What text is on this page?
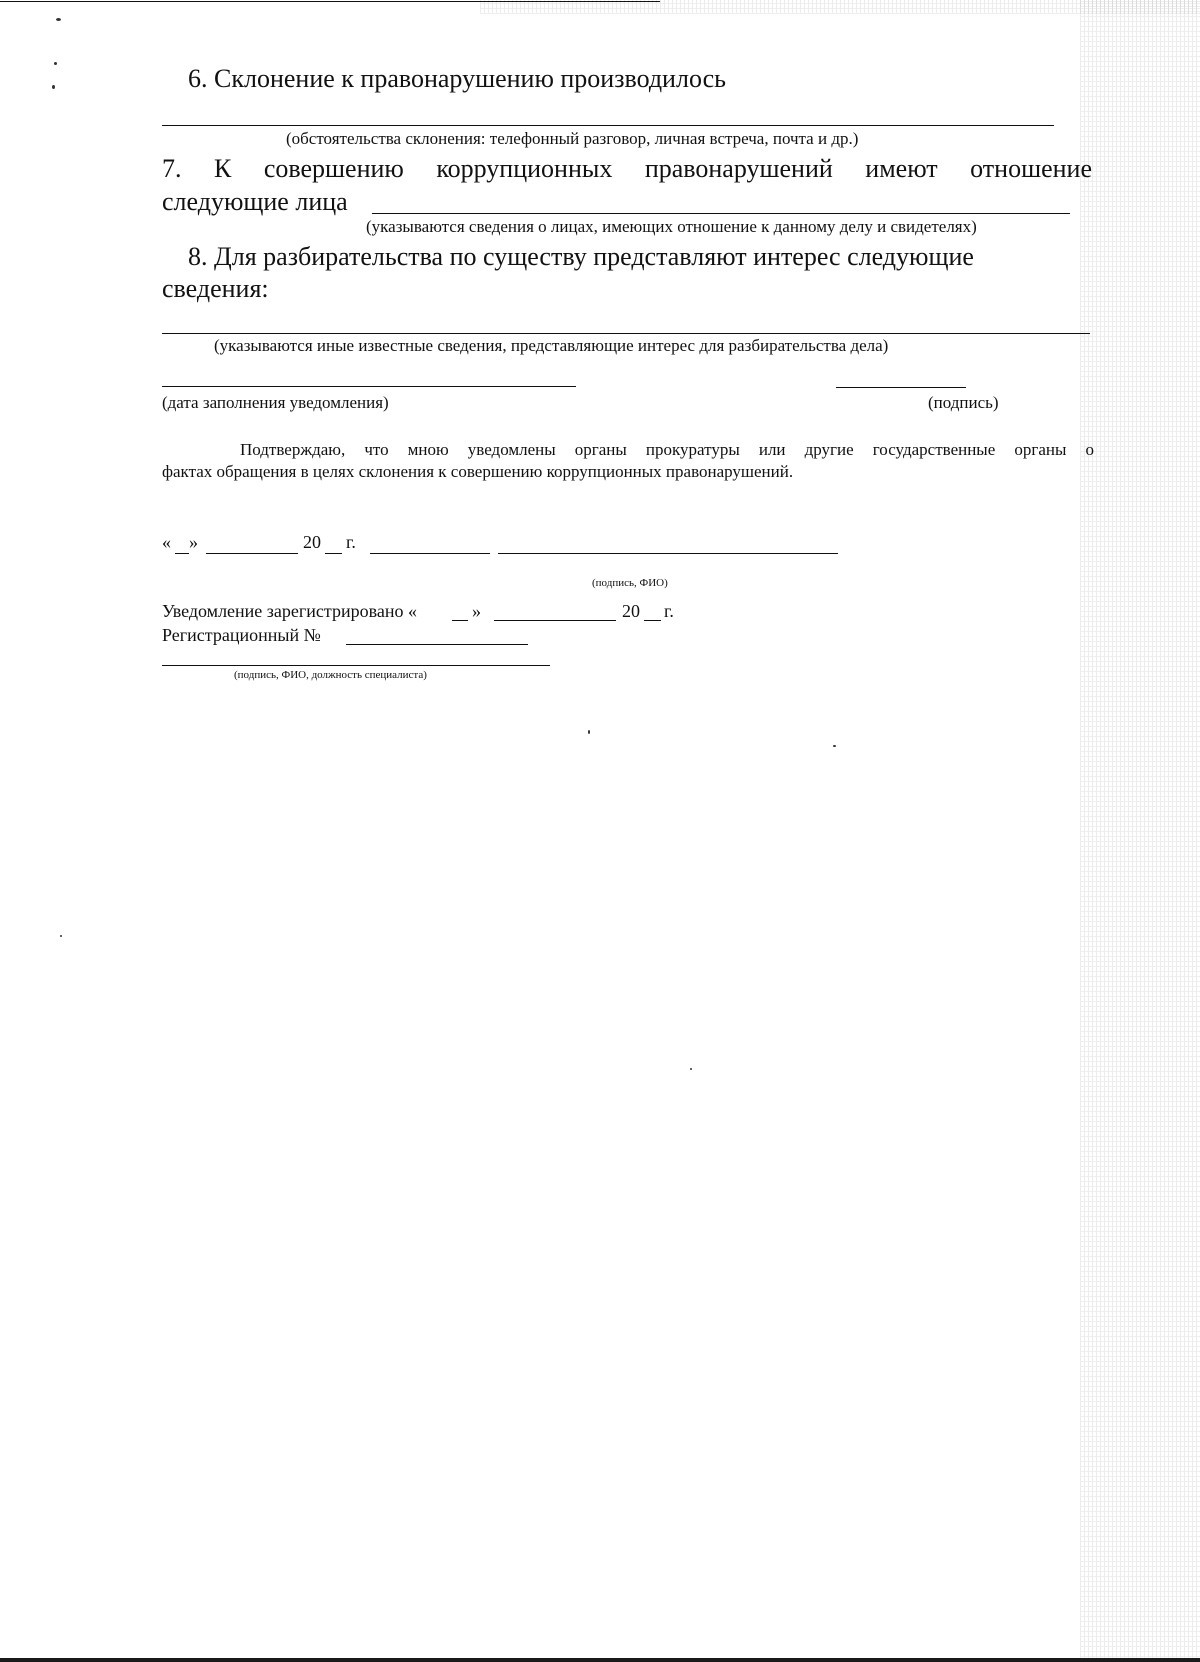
6. Склонение к правонарушению производилось
(обстоятельства склонения: телефонный разговор, личная встреча, почта и др.)
7. К совершению коррупционных правонарушений имеют отношение
следующие лица
(указываются сведения о лицах, имеющих отношение к данному делу и свидетелях)
8. Для разбирательства по существу представляют интерес следующие
сведения:
(указываются иные известные сведения, представляющие интерес для разбирательства дела)
(дата заполнения уведомления)	(подпись)
Подтверждаю, что мною уведомлены органы прокуратуры или другие государственные органы о
фактах обращения в целях склонения к совершению коррупционных правонарушений.
« »	20 г.
(подпись, ФИО)
Уведомление зарегистрировано «	»	20 г.
Регистрационный №
(подпись, ФИО, должность специалиста)
